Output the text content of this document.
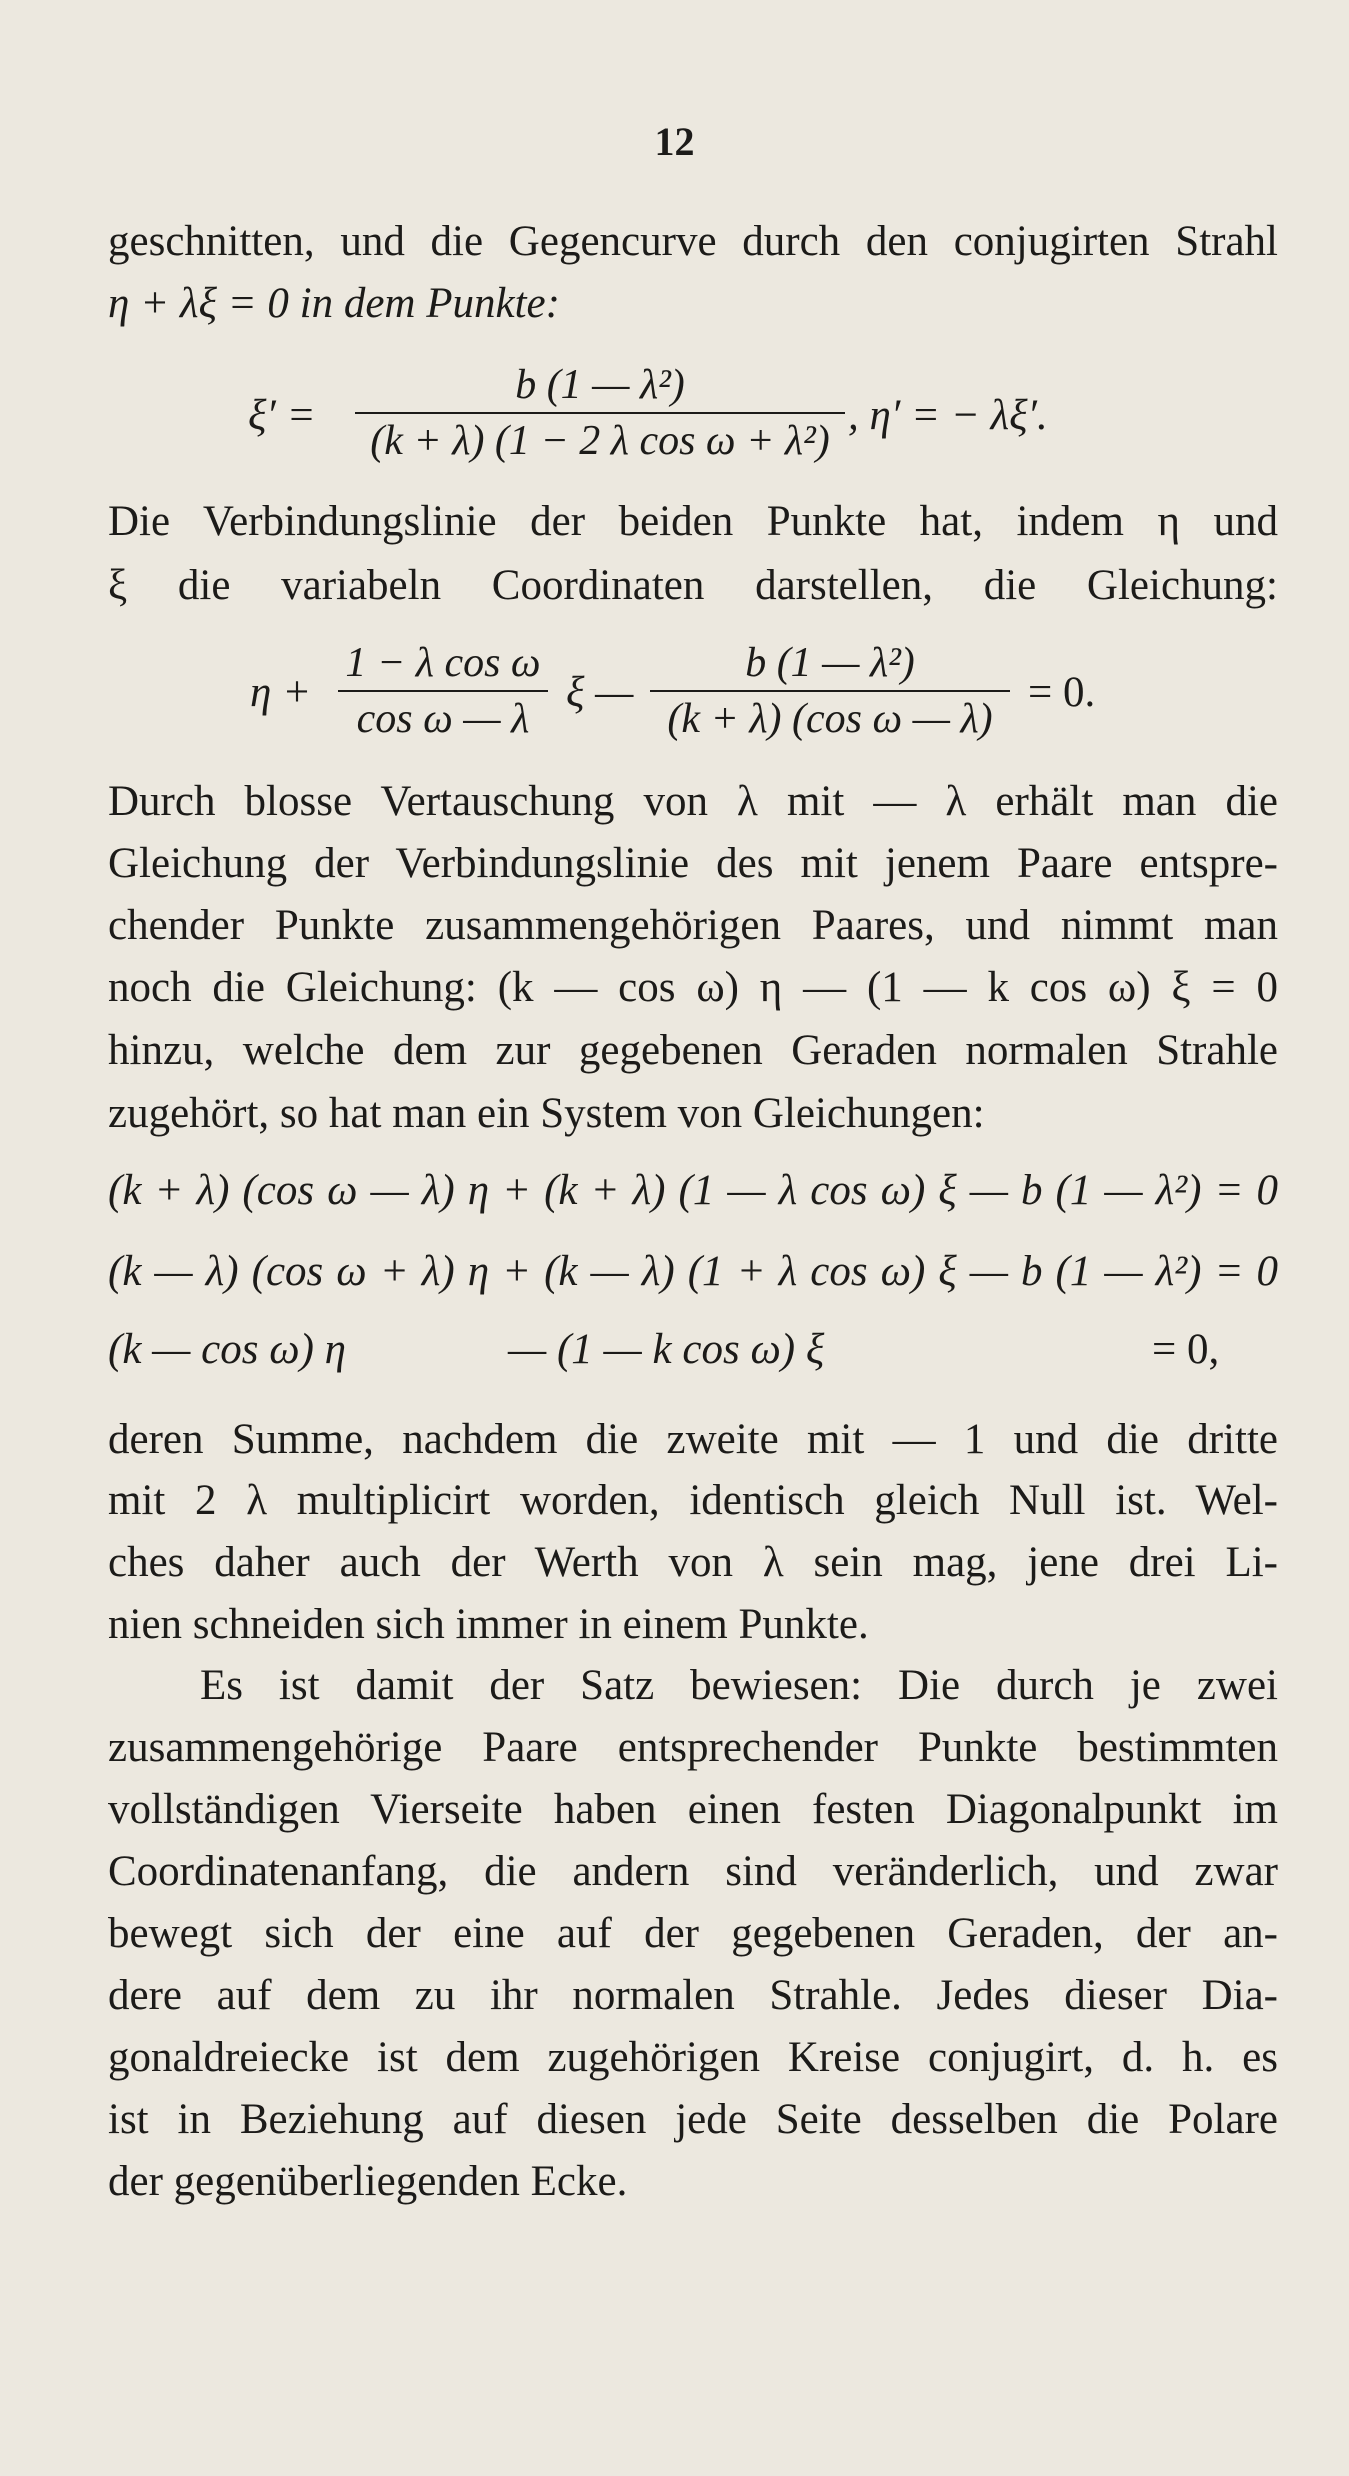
12
geschnitten, und die Gegencurve durch den conjugirten Strahl
η + λξ = 0 in dem Punkte:
ξ′ =
b (1 — λ²)
(k + λ) (1 − 2 λ cos ω + λ²)
, η′ = − λξ′.
Die Verbindungslinie der beiden Punkte hat, indem η und
ξ die variabeln Coordinaten darstellen, die Gleichung:
η +
1 − λ cos ω
cos ω — λ
ξ —
b (1 — λ²)
(k + λ) (cos ω — λ)
= 0.
Durch blosse Vertauschung von λ mit — λ erhält man die
Gleichung der Verbindungslinie des mit jenem Paare entspre-
chender Punkte zusammengehörigen Paares, und nimmt man
noch die Gleichung: (k — cos ω) η — (1 — k cos ω) ξ = 0
hinzu, welche dem zur gegebenen Geraden normalen Strahle
zugehört, so hat man ein System von Gleichungen:
(k + λ) (cos ω — λ) η + (k + λ) (1 — λ cos ω) ξ — b (1 — λ²) = 0
(k — λ) (cos ω + λ) η + (k — λ) (1 + λ cos ω) ξ — b (1 — λ²) = 0
(k — cos ω) η	— (1 — k cos ω) ξ	= 0,
deren Summe, nachdem die zweite mit — 1 und die dritte
mit 2 λ multiplicirt worden, identisch gleich Null ist. Wel-
ches daher auch der Werth von λ sein mag, jene drei Li-
nien schneiden sich immer in einem Punkte.
Es ist damit der Satz bewiesen: Die durch je zwei
zusammengehörige Paare entsprechender Punkte bestimmten
vollständigen Vierseite haben einen festen Diagonalpunkt im
Coordinatenanfang, die andern sind veränderlich, und zwar
bewegt sich der eine auf der gegebenen Geraden, der an-
dere auf dem zu ihr normalen Strahle. Jedes dieser Dia-
gonaldreiecke ist dem zugehörigen Kreise conjugirt, d. h. es
ist in Beziehung auf diesen jede Seite desselben die Polare
der gegenüberliegenden Ecke.
